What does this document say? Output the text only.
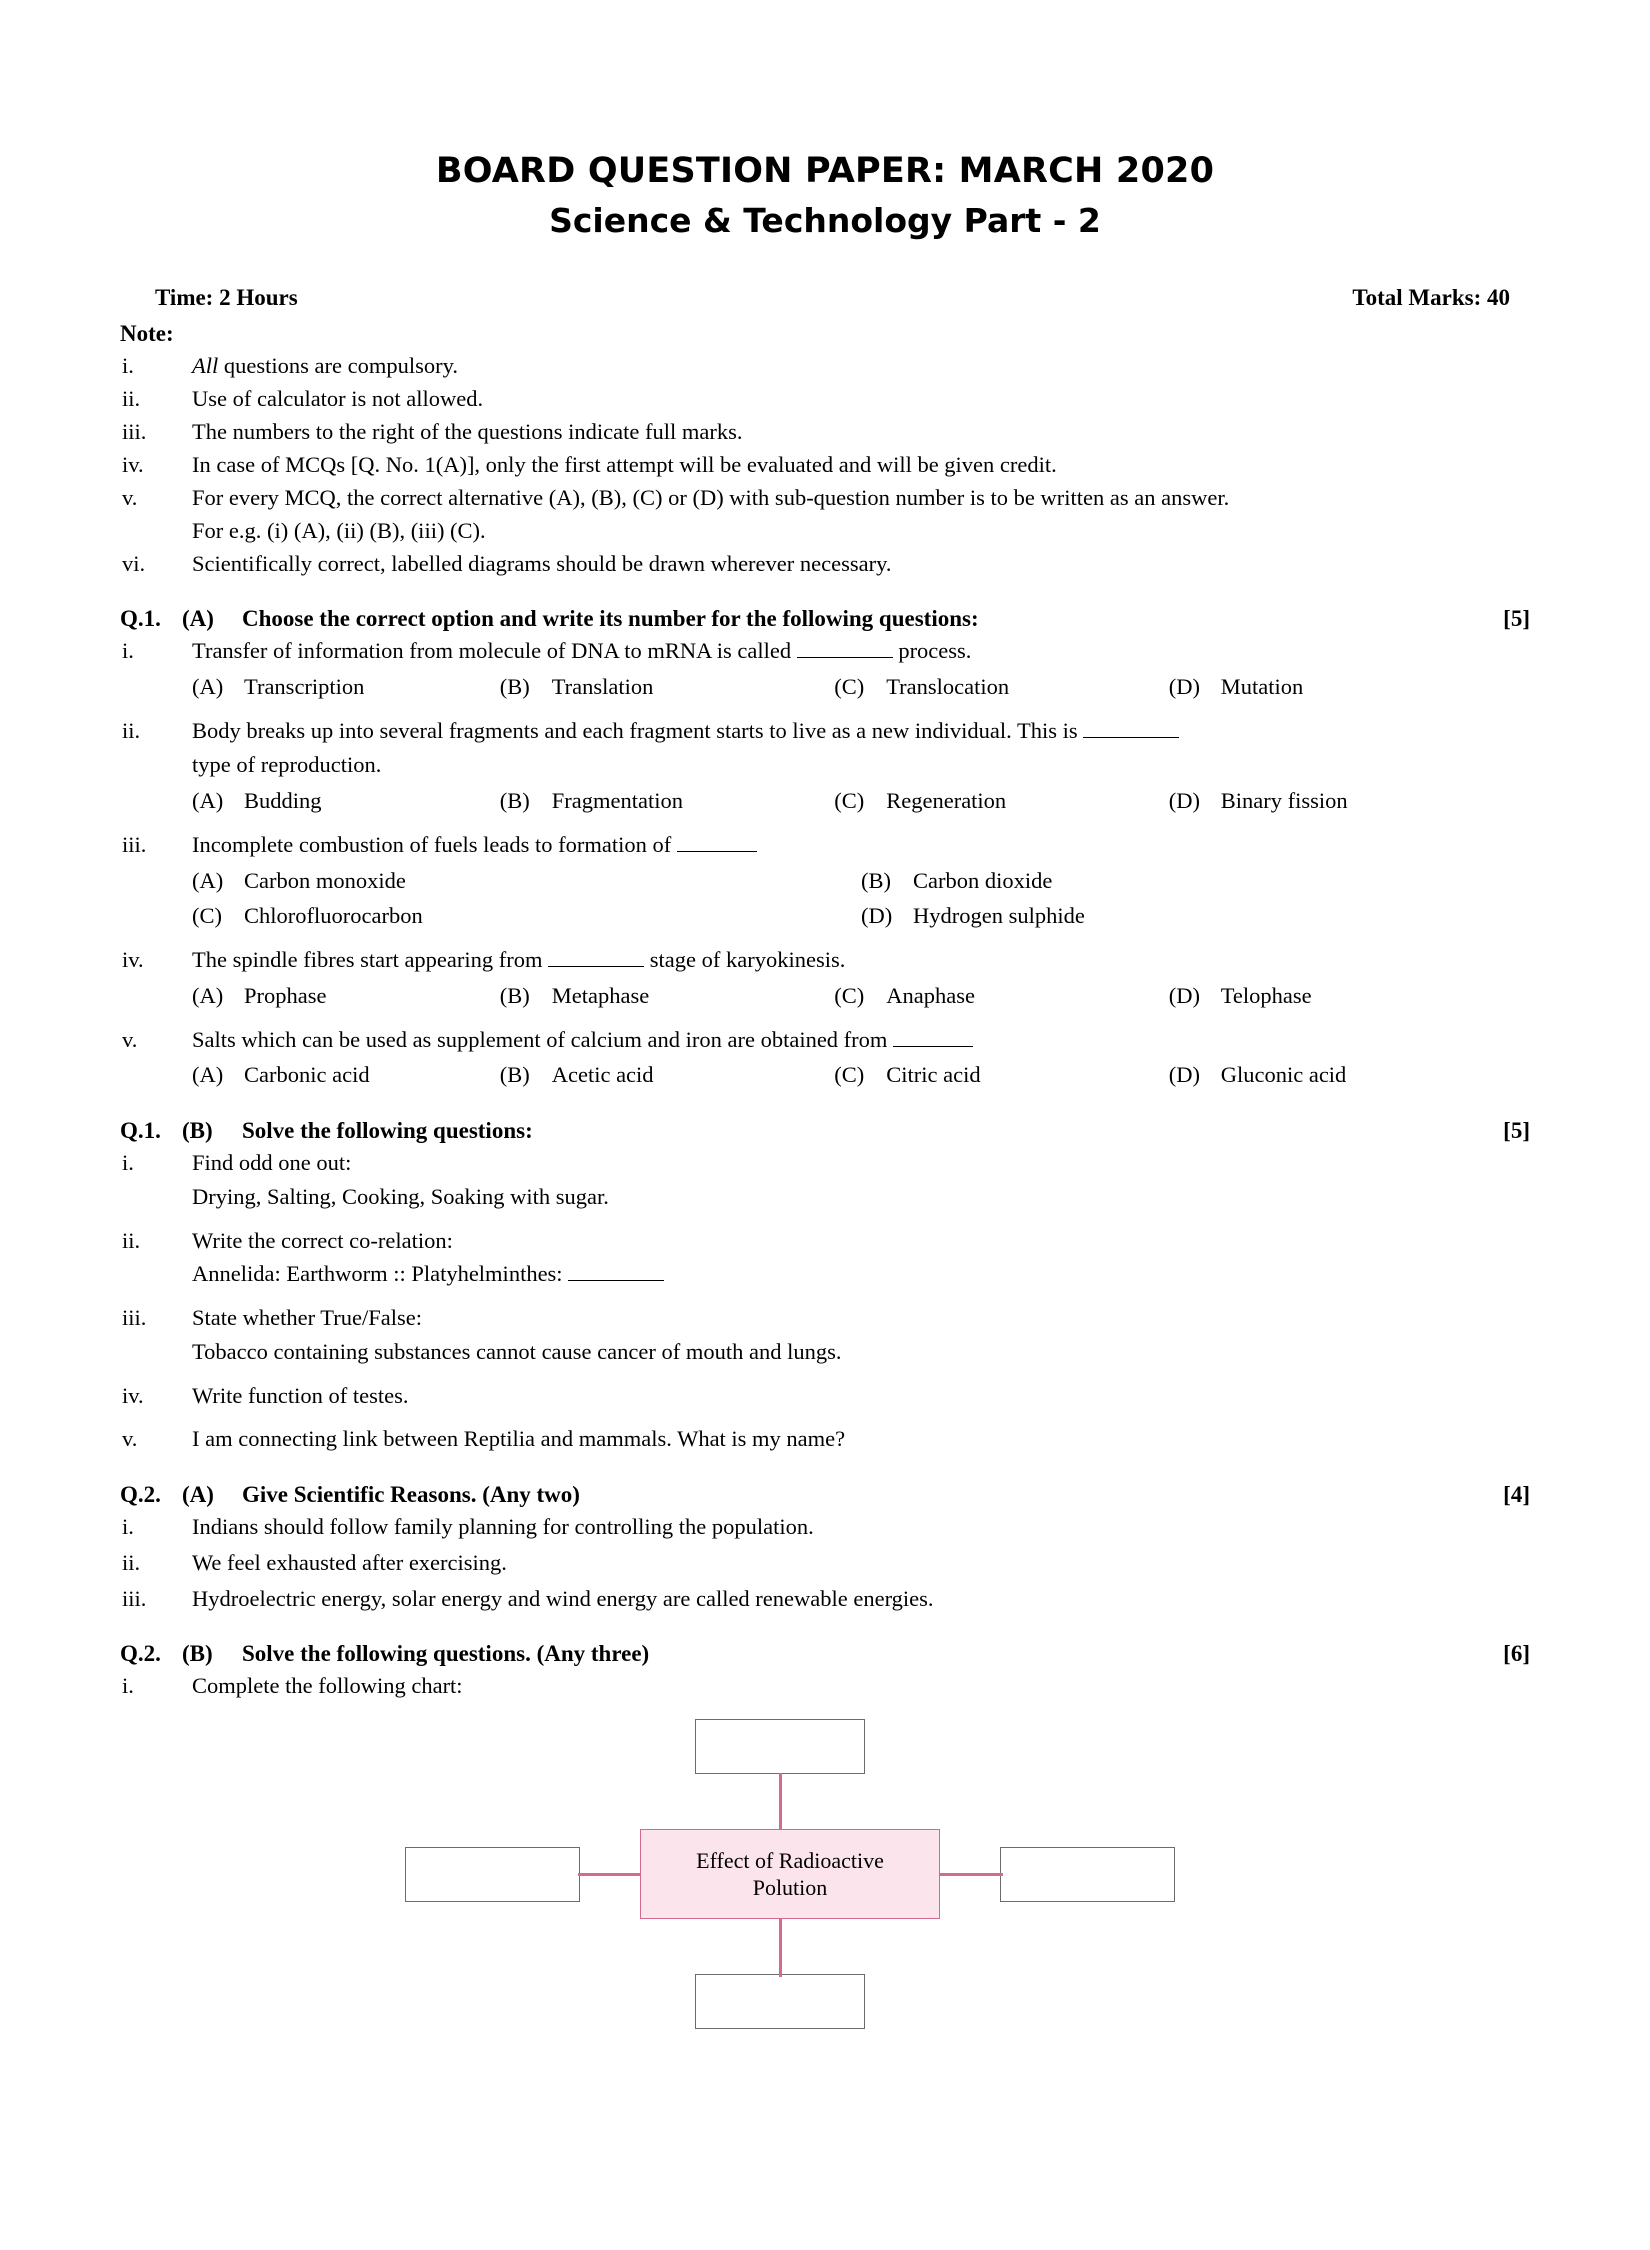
BOARD QUESTION PAPER: MARCH 2020
Science & Technology Part - 2
Time: 2 Hours	Total Marks: 40
Note:
i.	All questions are compulsory.
ii.	Use of calculator is not allowed.
iii.	The numbers to the right of the questions indicate full marks.
iv.	In case of MCQs [Q. No. 1(A)], only the first attempt will be evaluated and will be given credit.
v.	For every MCQ, the correct alternative (A), (B), (C) or (D) with sub-question number is to be written as an answer.
For e.g. (i) (A), (ii) (B), (iii) (C).
vi.	Scientifically correct, labelled diagrams should be drawn wherever necessary.
Q.1. (A)	Choose the correct option and write its number for the following questions:	[5]
i.	Transfer of information from molecule of DNA to mRNA is called	process.
(A) Transcription	(B) Translation	(C) Translocation	(D) Mutation
ii.	Body breaks up into several fragments and each fragment starts to live as a new individual. This is
type of reproduction.
(A) Budding	(B) Fragmentation	(C) Regeneration	(D) Binary fission
iii.	Incomplete combustion of fuels leads to formation of
(A) Carbon monoxide	(B) Carbon dioxide
(C) Chlorofluorocarbon	(D) Hydrogen sulphide
iv.	The spindle fibres start appearing from	stage of karyokinesis.
(A) Prophase	(B) Metaphase	(C) Anaphase	(D) Telophase
v.	Salts which can be used as supplement of calcium and iron are obtained from
(A) Carbonic acid	(B) Acetic acid	(C) Citric acid	(D) Gluconic acid
Q.1. (B)	Solve the following questions:	[5]
i.	Find odd one out:
Drying, Salting, Cooking, Soaking with sugar.
ii.	Write the correct co-relation:
Annelida: Earthworm :: Platyhelminthes:
iii.	State whether True/False:
Tobacco containing substances cannot cause cancer of mouth and lungs.
iv.	Write function of testes.
v.	I am connecting link between Reptilia and mammals. What is my name?
Q.2. (A)	Give Scientific Reasons. (Any two)	[4]
i.	Indians should follow family planning for controlling the population.
ii.	We feel exhausted after exercising.
iii.	Hydroelectric energy, solar energy and wind energy are called renewable energies.
Q.2. (B)	Solve the following questions. (Any three)	[6]
i.	Complete the following chart:
Effect of Radioactive
Polution
